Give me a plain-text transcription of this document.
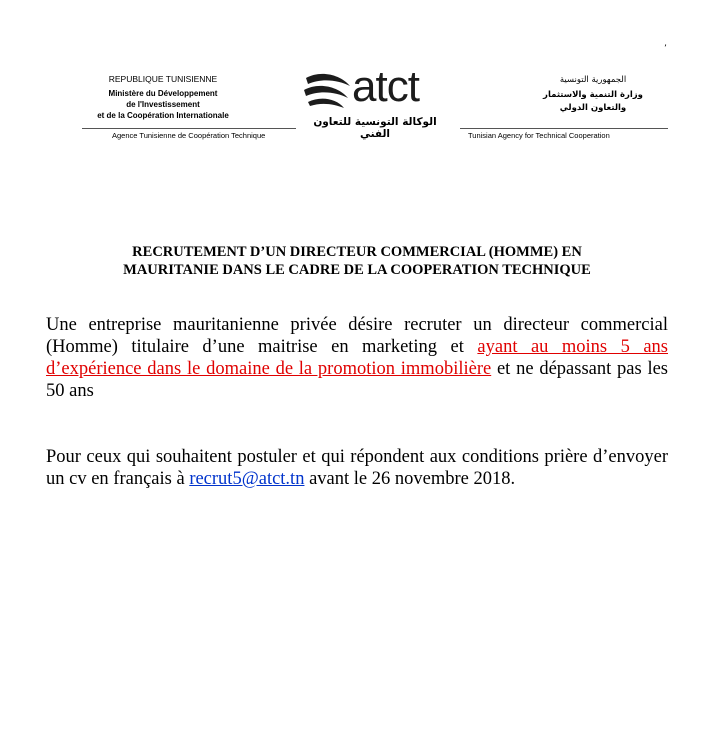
ʼ
REPUBLIQUE TUNISIENNE
Ministère du Développement
de l'Investissement
et de la Coopération Internationale
atct
الوكالة التونسية للتعاون الفني
الجمهورية التونسية
وزارة التنمية والاستثمار
والتعاون الدولي
Agence Tunisienne de Coopération Technique	Tunisian Agency for Technical Cooperation
RECRUTEMENT D’UN DIRECTEUR COMMERCIAL (HOMME) EN
MAURITANIE DANS LE CADRE DE LA COOPERATION TECHNIQUE

Une entreprise mauritanienne privée désire recruter un directeur commercial (Homme) titulaire d’une maitrise en marketing et ayant au moins 5 ans d’expérience dans le domaine de la promotion immobilière et ne dépassant pas les 50 ans

Pour ceux qui souhaitent postuler et qui répondent aux conditions prière d’envoyer un cv en français à recrut5@atct.tn avant le 26 novembre 2018.
